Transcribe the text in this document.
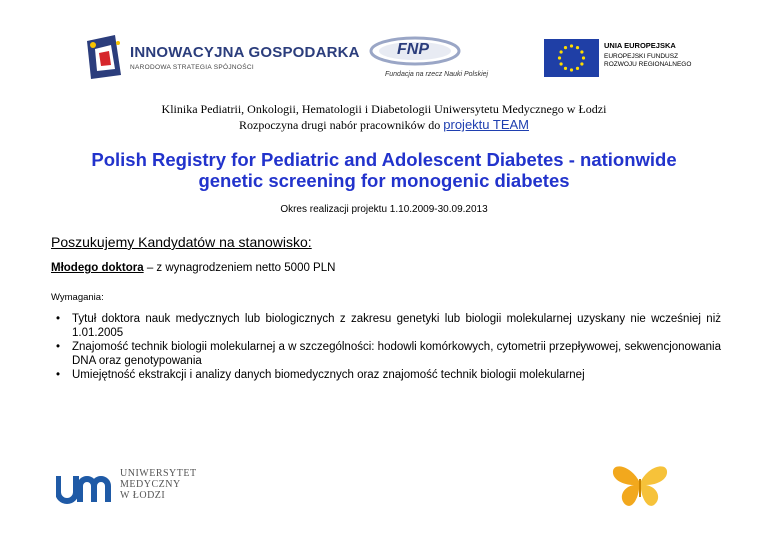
INNOWACYJNA GOSPODARKA
NARODOWA STRATEGIA SPÓJNOŚCI
FNP
Fundacja na rzecz Nauki Polskiej
UNIA EUROPEJSKA
EUROPEJSKI FUNDUSZ
ROZWOJU REGIONALNEGO
Klinika Pediatrii, Onkologii, Hematologii i Diabetologii Uniwersytetu Medycznego w Łodzi
Rozpoczyna drugi nabór pracowników do projektu TEAM
Polish Registry for Pediatric and Adolescent Diabetes - nationwide
genetic screening for monogenic diabetes
Okres realizacji projektu 1.10.2009-30.09.2013
Poszukujemy Kandydatów na stanowisko:
Młodego doktora – z wynagrodzeniem netto 5000 PLN
Wymagania:
• Tytuł doktora nauk medycznych lub biologicznych z zakresu genetyki lub biologii molekularnej uzyskany nie wcześniej niż 1.01.2005
• Znajomość technik biologii molekularnej a w szczególności: hodowli komórkowych, cytometrii przepływowej, sekwencjonowania DNA oraz genotypowania
• Umiejętność ekstrakcji i analizy danych biomedycznych oraz znajomość technik biologii molekularnej
UNIWERSYTET
MEDYCZNY
W ŁODZI
